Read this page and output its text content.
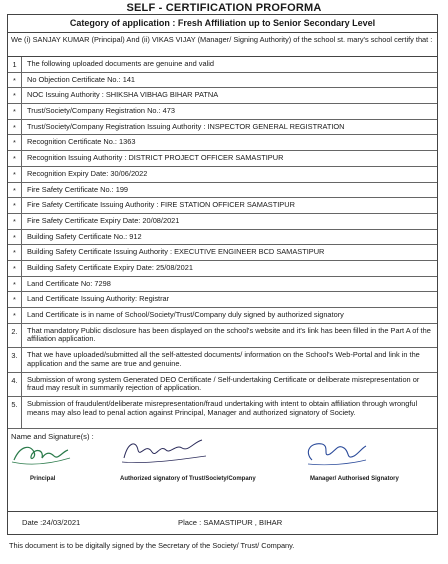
SELF - CERTIFICATION PROFORMA
Category of application : Fresh Affiliation up to Senior Secondary Level
We (i) SANJAY KUMAR (Principal) And (ii) VIKAS VIJAY (Manager/ Signing Authority) of the school st. mary's school certify that :
1	The following uploaded documents are genuine and valid
*	No Objection Certificate No.: 141
*	NOC Issuing Authority : SHIKSHA VIBHAG BIHAR PATNA
*	Trust/Society/Company Registration No.: 473
*	Trust/Society/Company Registration Issuing Authority : INSPECTOR GENERAL REGISTRATION
*	Recognition Certificate No.: 1363
*	Recognition Issuing Authority : DISTRICT PROJECT OFFICER SAMASTIPUR
*	Recognition Expiry Date: 30/06/2022
*	Fire Safety Certificate No.: 199
*	Fire Safety Certificate Issuing Authority : FIRE STATION OFFICER SAMASTIPUR
*	Fire Safety Certificate Expiry Date: 20/08/2021
*	Building Safety Certificate No.: 912
*	Building Safety Certificate Issuing Authority : EXECUTIVE ENGINEER BCD SAMASTIPUR
*	Building Safety Certificate Expiry Date: 25/08/2021
*	Land Certificate No: 7298
*	Land Certificate Issuing Authority: Registrar
*	Land Certificate is in name of School/Society/Trust/Company duly signed by authorized signatory
2.	That mandatory Public disclosure has been displayed on the school's website and it's link has been filled in the Part A of the affiliation application.
3.	That we have uploaded/submitted all the self-attested documents/ information on the School's Web-Portal and link in the application and the same are true and genuine.
4.	Submission of wrong system Generated DEO Certificate / Self-undertaking Certificate or deliberate misrepresentation or fraud may result in summarily rejection of application.
5.	Submission of fraudulent/deliberate misrepresentation/fraud undertaking with intent to obtain affiliation through wrongful means may also lead to penal action against Principal, Manager and authorized signatory of Society.
Name and Signature(s) :
Principal	Authorized signatory of Trust/Society/Company	Manager/ Authorised Signatory
Date :24/03/2021	Place : SAMASTIPUR , BIHAR
This document is to be digitally signed by the Secretary of the Society/ Trust/ Company.
